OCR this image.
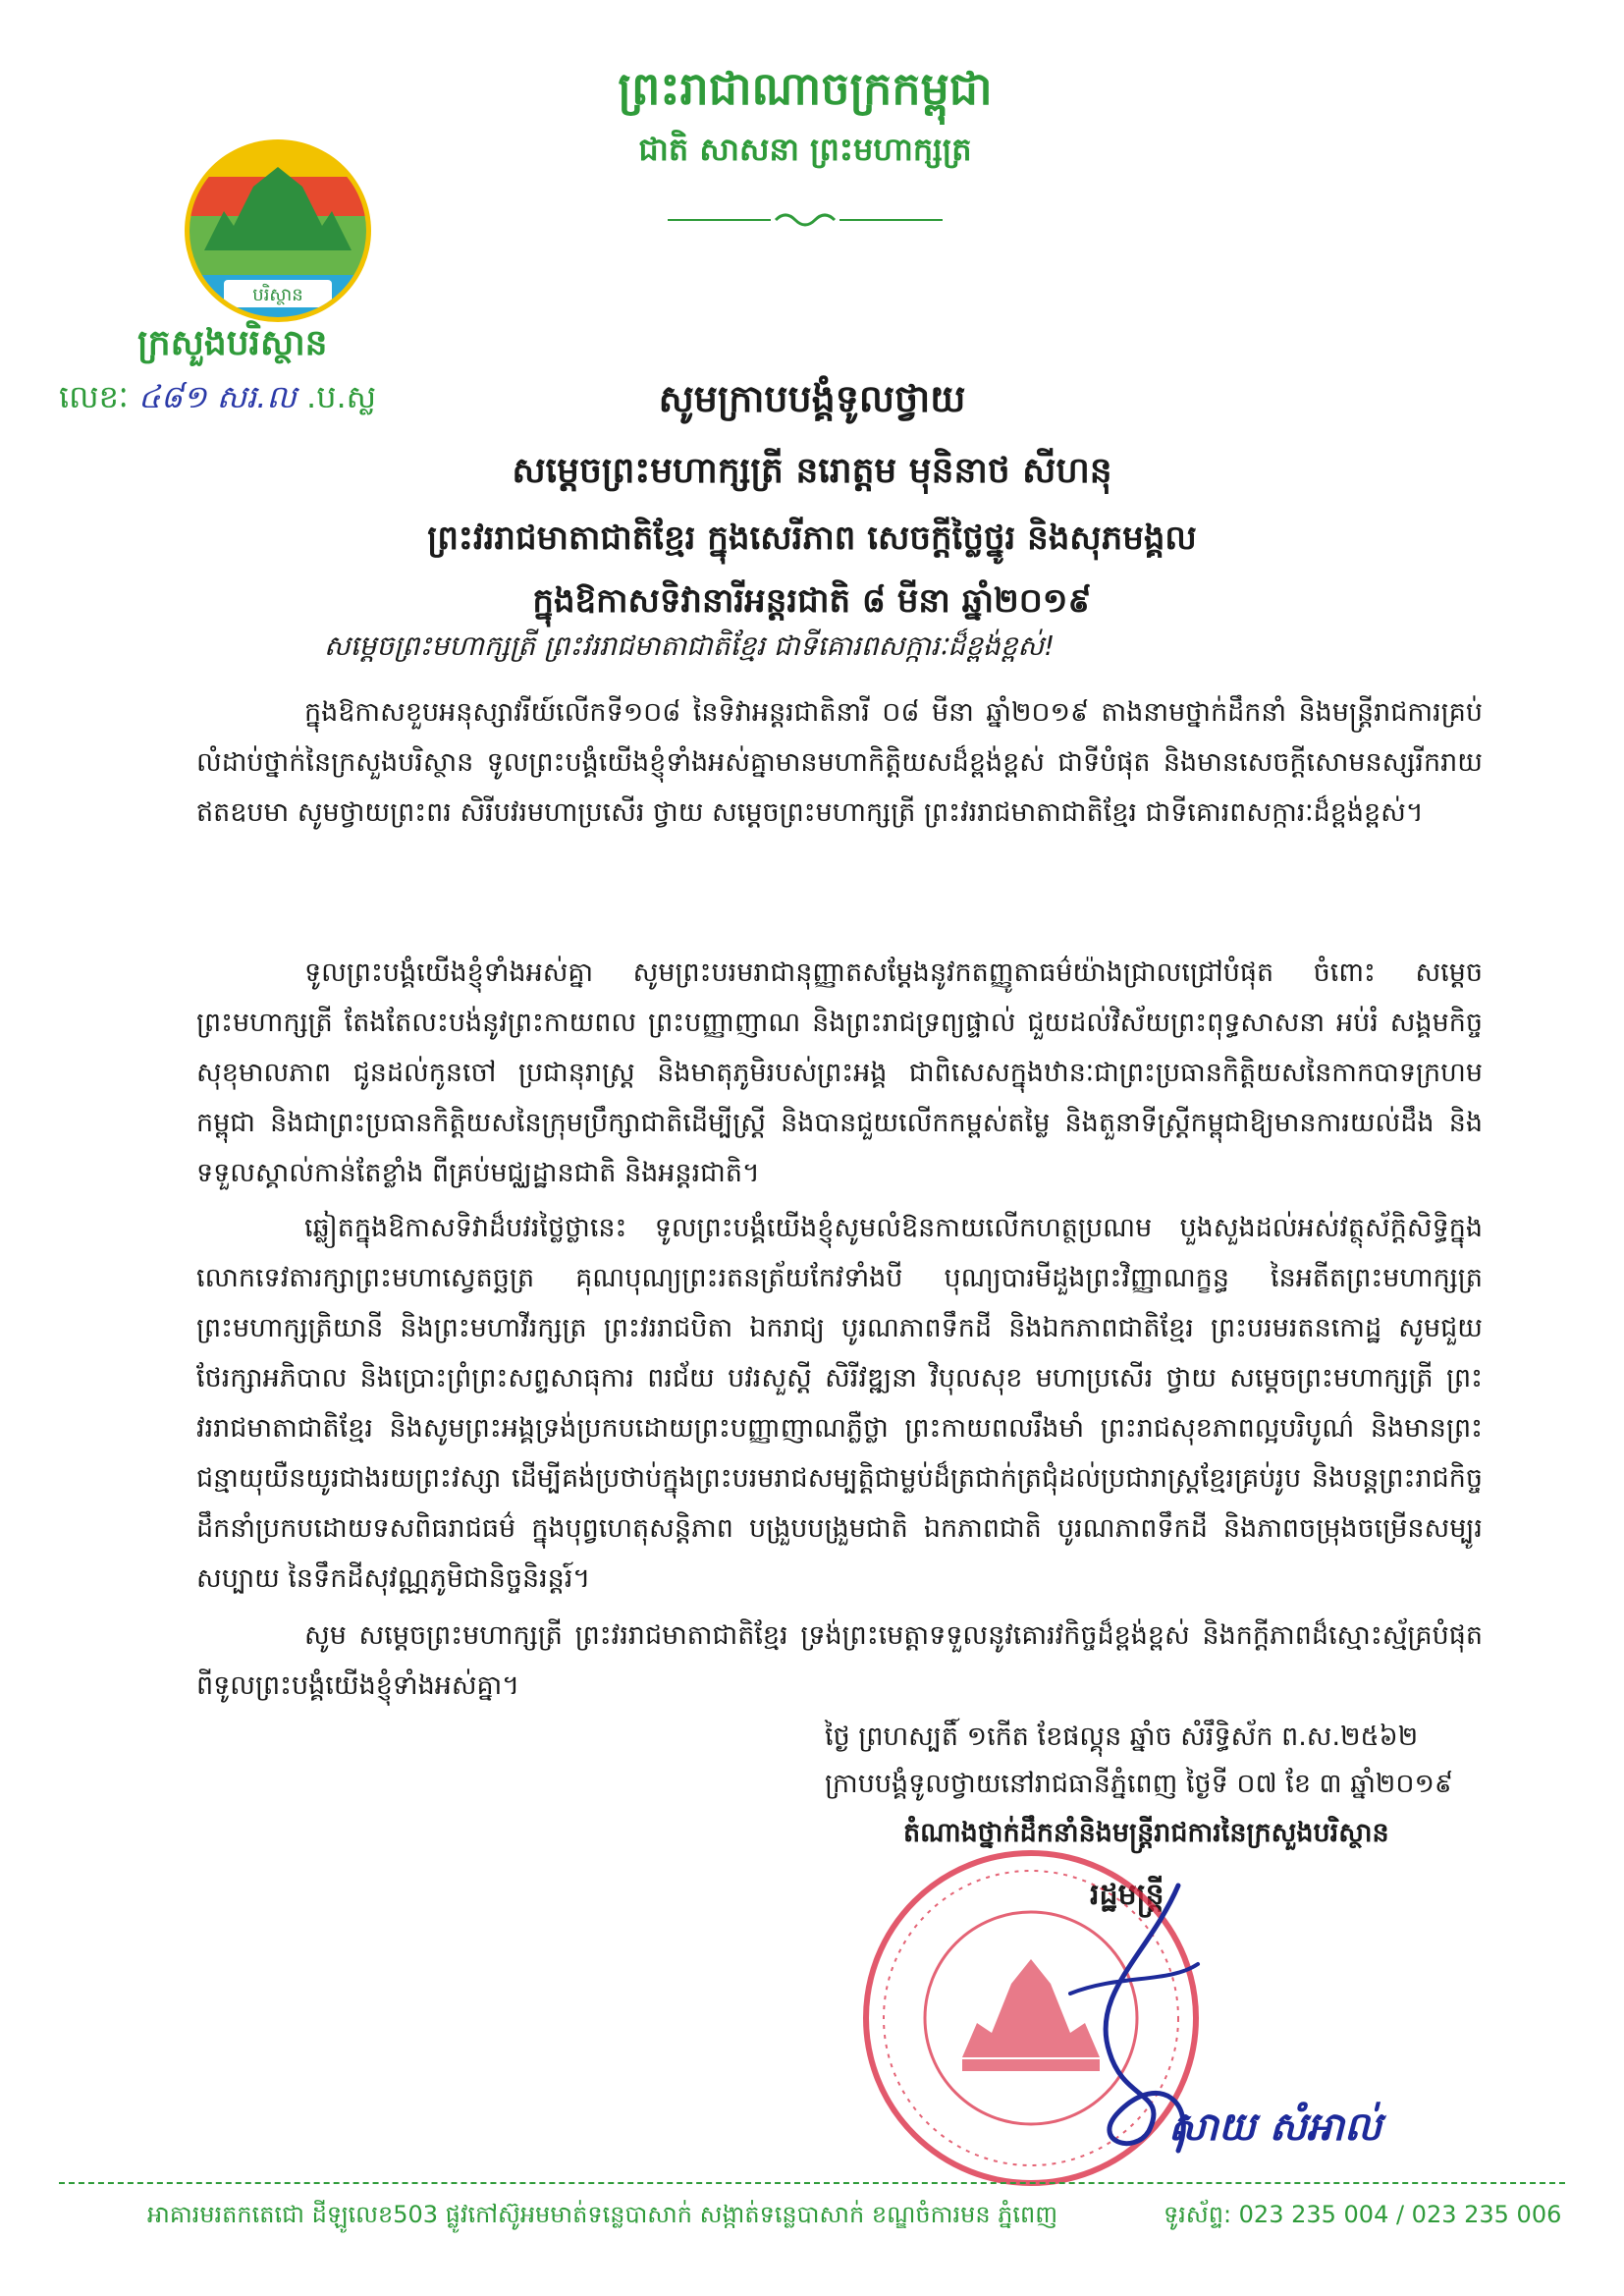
ព្រះរាជាណាចក្រកម្ពុជា
ជាតិ សាសនា ព្រះមហាក្សត្រ
បរិស្ថាន
ក្រសួងបរិស្ថាន
លេខៈ ៤៨១ សរ.ល .ប.ស្ល	សូមក្រាបបង្គំទូលថ្វាយ
សម្តេចព្រះមហាក្សត្រី នរោត្តម មុនិនាថ សីហនុ
ព្រះវររាជមាតាជាតិខ្មែរ ក្នុងសេរីភាព សេចក្តីថ្លៃថ្នូរ និងសុភមង្គល
ក្នុងឱកាសទិវានារីអន្តរជាតិ ៨ មីនា ឆ្នាំ២០១៩
សម្តេចព្រះមហាក្សត្រី ព្រះវររាជមាតាជាតិខ្មែរ ជាទីគោរពសក្ការៈដ៏ខ្ពង់ខ្ពស់!

ក្នុងឱកាសខួបអនុស្សាវរីយ៍លើកទី១០៨ នៃទិវាអន្តរជាតិនារី ០៨ មីនា ឆ្នាំ២០១៩ តាងនាមថ្នាក់ដឹកនាំ និងមន្ត្រីរាជការគ្រប់លំដាប់ថ្នាក់នៃក្រសួងបរិស្ថាន ទូលព្រះបង្គំយើងខ្ញុំទាំងអស់គ្នាមានមហាកិត្តិយសដ៏ខ្ពង់ខ្ពស់ ជាទីបំផុត និងមានសេចក្តីសោមនស្សរីករាយឥតឧបមា សូមថ្វាយព្រះពរ សិរីបវរមហាប្រសើរ ថ្វាយ សម្តេចព្រះមហាក្សត្រី ព្រះវររាជមាតាជាតិខ្មែរ ជាទីគោរពសក្ការៈដ៏ខ្ពង់ខ្ពស់។

ទូលព្រះបង្គំយើងខ្ញុំទាំងអស់គ្នា សូមព្រះបរមរាជានុញ្ញាតសម្តែងនូវកតញ្ញូតាធម៌យ៉ាងជ្រាលជ្រៅបំផុត ចំពោះ សម្តេចព្រះមហាក្សត្រី តែងតែលះបង់នូវព្រះកាយពល ព្រះបញ្ញាញាណ និងព្រះរាជទ្រព្យផ្ទាល់ ជួយដល់វិស័យព្រះពុទ្ធសាសនា អប់រំ សង្គមកិច្ច សុខុមាលភាព ជូនដល់កូនចៅ ប្រជានុរាស្ត្រ និងមាតុភូមិរបស់ព្រះអង្គ ជាពិសេសក្នុងឋានៈជាព្រះប្រធានកិត្តិយសនៃកាកបាទក្រហមកម្ពុជា និងជាព្រះប្រធានកិត្តិយសនៃក្រុមប្រឹក្សាជាតិដើម្បីស្ត្រី និងបានជួយលើកកម្ពស់តម្លៃ និងតួនាទីស្ត្រីកម្ពុជាឱ្យមានការយល់ដឹង និងទទួលស្គាល់កាន់តែខ្លាំង ពីគ្រប់មជ្ឈដ្ឋានជាតិ និងអន្តរជាតិ។

ឆ្លៀតក្នុងឱកាសទិវាដ៏បវរថ្លៃថ្លានេះ ទូលព្រះបង្គំយើងខ្ញុំសូមលំឱនកាយលើកហត្ថប្រណម បួងសួងដល់អស់វត្ថុស័ក្តិសិទ្ធិក្នុងលោកទេវតារក្សាព្រះមហាស្វេតច្ឆត្រ គុណបុណ្យព្រះរតនត្រ័យកែវទាំងបី បុណ្យបារមីដួងព្រះវិញ្ញាណក្ខន្ធ នៃអតីតព្រះមហាក្សត្រ ព្រះមហាក្សត្រិយានី និងព្រះមហាវីរក្សត្រ ព្រះវររាជបិតា ឯករាជ្យ បូរណភាពទឹកដី និងឯកភាពជាតិខ្មែរ ព្រះបរមរតនកោដ្ឋ សូមជួយថែរក្សាអភិបាល និងប្រោះព្រំព្រះសព្ទសាធុការ ពរជ័យ បវរសួស្តី សិរីវឌ្ឍនា វិបុលសុខ មហាប្រសើរ ថ្វាយ សម្តេចព្រះមហាក្សត្រី ព្រះវររាជមាតាជាតិខ្មែរ និងសូមព្រះអង្គទ្រង់ប្រកបដោយព្រះបញ្ញាញាណភ្លឺថ្លា ព្រះកាយពលរឹងមាំ ព្រះរាជសុខភាពល្អបរិបូណ៌ និងមានព្រះជន្មាយុយឺនយូរជាងរយព្រះវស្សា ដើម្បីគង់ប្រថាប់ក្នុងព្រះបរមរាជសម្បត្តិជាម្លប់ដ៏ត្រជាក់ត្រជុំដល់ប្រជារាស្ត្រខ្មែរគ្រប់រូប និងបន្តព្រះរាជកិច្ចដឹកនាំប្រកបដោយទសពិធរាជធម៌ ក្នុងបុព្វហេតុសន្តិភាព បង្រួបបង្រួមជាតិ ឯកភាពជាតិ បូរណភាពទឹកដី និងភាពចម្រុងចម្រើនសម្បូរសប្បាយ នៃទឹកដីសុវណ្ណភូមិជានិច្ចនិរន្តរ៍។

សូម សម្តេចព្រះមហាក្សត្រី ព្រះវររាជមាតាជាតិខ្មែរ ទ្រង់ព្រះមេត្តាទទួលនូវគោរវកិច្ចដ៏ខ្ពង់ខ្ពស់ និងកក្តីភាពដ៏ស្មោះស្ម័គ្របំផុត ពីទូលព្រះបង្គំយើងខ្ញុំទាំងអស់គ្នា។

ថ្ងៃ ព្រហស្បតិ៍ ១កើត ខែផល្គុន ឆ្នាំច សំរឹទ្ធិស័ក ព.ស.២៥៦២
ក្រាបបង្គំទូលថ្វាយនៅរាជធានីភ្នំពេញ ថ្ងៃទី ០៧ ខែ ៣ ឆ្នាំ២០១៩
តំណាងថ្នាក់ដឹកនាំនិងមន្ត្រីរាជការនៃក្រសួងបរិស្ថាន
រដ្ឋមន្ត្រី
សាយ សំអាល់
អាគារមរតកតេជោ ដីឡូលេខ503 ផ្លូវកៅស៊ូអមមាត់ទន្លេបាសាក់ សង្កាត់ទន្លេបាសាក់ ខណ្ឌចំការមន ភ្នំពេញ	ទូរស័ព្ទ: 023 235 004 / 023 235 006
